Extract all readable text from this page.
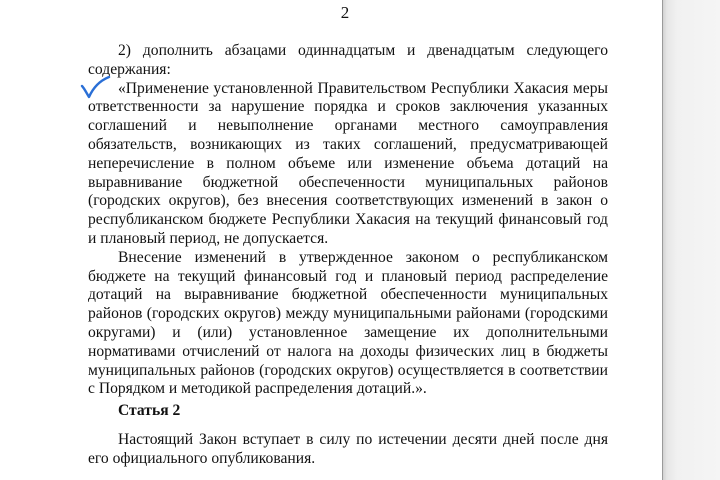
2

2) дополнить абзацами одиннадцатым и двенадцатым следующего содержания:

«Применение установленной Правительством Республики Хакасия меры ответственности за нарушение порядка и сроков заключения указанных соглашений и невыполнение органами местного самоуправления обязательств, возникающих из таких соглашений, предусматривающей неперечисление в полном объеме или изменение объема дотаций на выравнивание бюджетной обеспеченности муниципальных районов (городских округов), без внесения соответствующих изменений в закон о республиканском бюджете Республики Хакасия на текущий финансовый год и плановый период, не допускается.

Внесение изменений в утвержденное законом о республиканском бюджете на текущий финансовый год и плановый период распределение дотаций на выравнивание бюджетной обеспеченности муниципальных районов (городских округов) между муниципальными районами (городскими округами) и (или) установленное замещение их дополнительными нормативами отчислений от налога на доходы физических лиц в бюджеты муниципальных районов (городских округов) осуществляется в соответствии с Порядком и методикой распределения дотаций.».

Статья 2

Настоящий Закон вступает в силу по истечении десяти дней после дня его официального опубликования.
